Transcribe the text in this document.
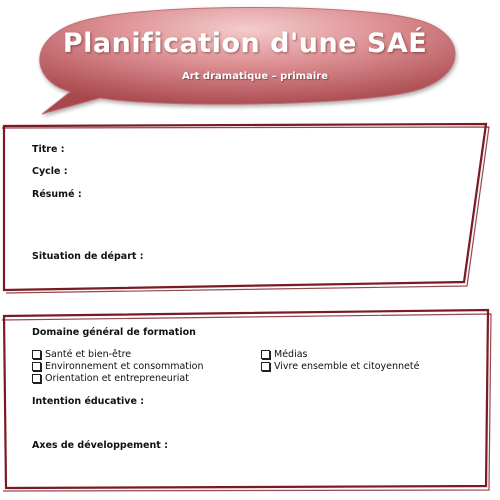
Planification d'une SAÉ
Art dramatique – primaire
Titre :
Cycle :
Résumé :
Situation de départ :
Domaine général de formation
Santé et bien-être
Environnement et consommation
Orientation et entrepreneuriat
Médias
Vivre ensemble et citoyenneté
Intention éducative :
Axes de développement :
